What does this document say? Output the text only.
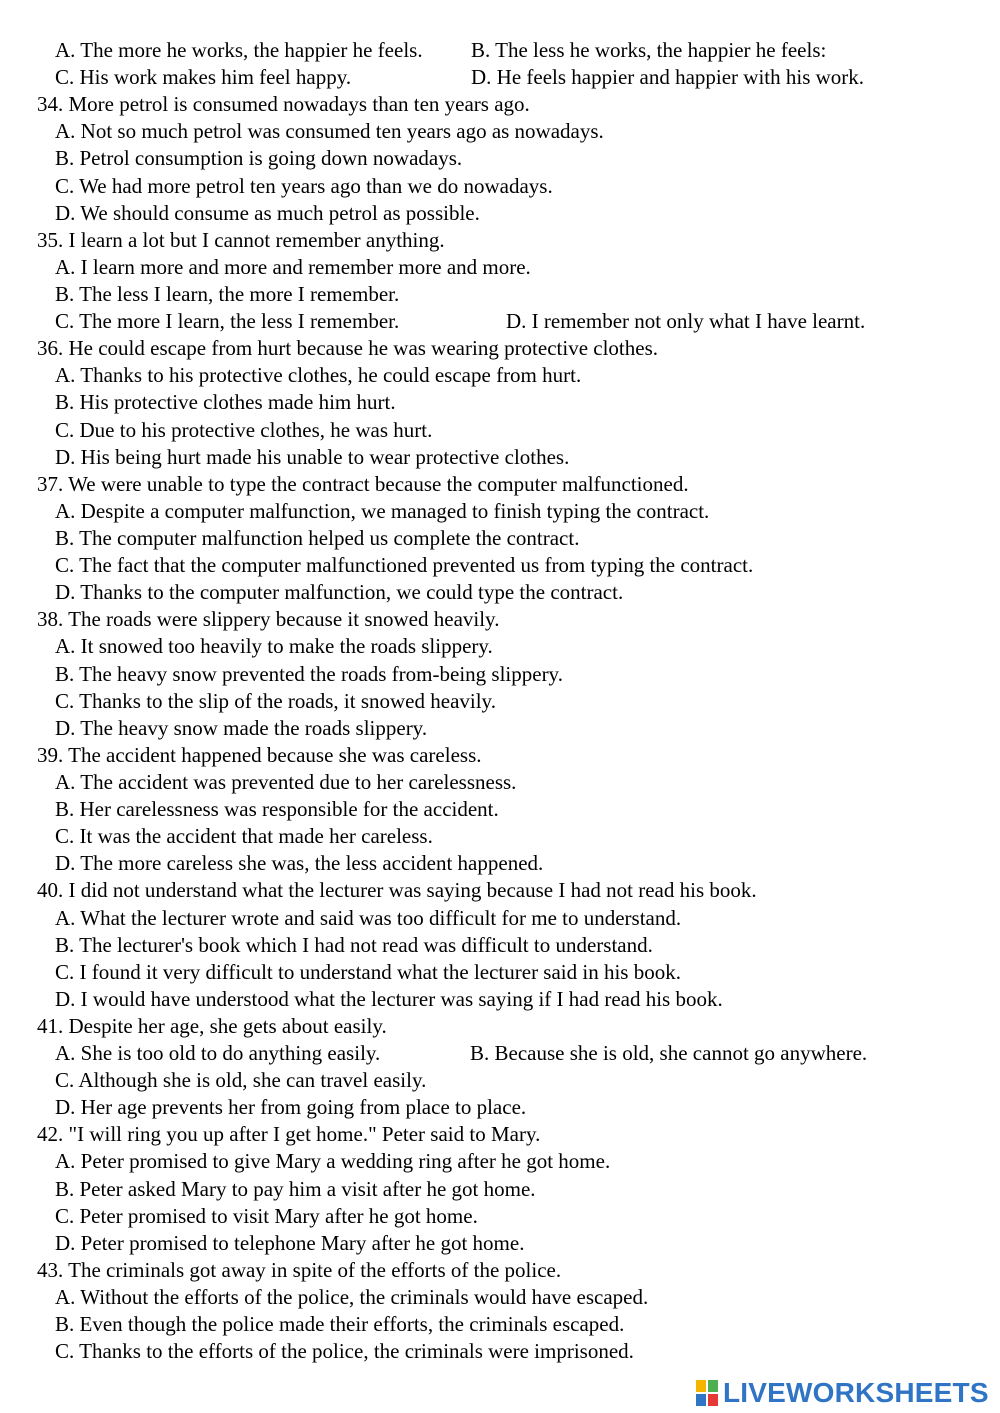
A. The more he works, the happier he feels. B. The less he works, the happier he feels:
C. His work makes him feel happy.	D. He feels happier and happier with his work.
34. More petrol is consumed nowadays than ten years ago.
A. Not so much petrol was consumed ten years ago as nowadays.
B. Petrol consumption is going down nowadays.
C. We had more petrol ten years ago than we do nowadays.
D. We should consume as much petrol as possible.
35. I learn a lot but I cannot remember anything.
A. I learn more and more and remember more and more.
B. The less I learn, the more I remember.
C. The more I learn, the less I remember.	D. I remember not only what I have learnt.
36. He could escape from hurt because he was wearing protective clothes.
A. Thanks to his protective clothes, he could escape from hurt.
B. His protective clothes made him hurt.
C. Due to his protective clothes, he was hurt.
D. His being hurt made his unable to wear protective clothes.
37. We were unable to type the contract because the computer malfunctioned.
A. Despite a computer malfunction, we managed to finish typing the contract.
B. The computer malfunction helped us complete the contract.
C. The fact that the computer malfunctioned prevented us from typing the contract.
D. Thanks to the computer malfunction, we could type the contract.
38. The roads were slippery because it snowed heavily.
A. It snowed too heavily to make the roads slippery.
B. The heavy snow prevented the roads from-being slippery.
C. Thanks to the slip of the roads, it snowed heavily.
D. The heavy snow made the roads slippery.
39. The accident happened because she was careless.
A. The accident was prevented due to her carelessness.
B. Her carelessness was responsible for the accident.
C. It was the accident that made her careless.
D. The more careless she was, the less accident happened.
40. I did not understand what the lecturer was saying because I had not read his book.
A. What the lecturer wrote and said was too difficult for me to understand.
B. The lecturer's book which I had not read was difficult to understand.
C. I found it very difficult to understand what the lecturer said in his book.
D. I would have understood what the lecturer was saying if I had read his book.
41. Despite her age, she gets about easily.
A. She is too old to do anything easily.	B. Because she is old, she cannot go anywhere.
C. Although she is old, she can travel easily.
D. Her age prevents her from going from place to place.
42. "I will ring you up after I get home." Peter said to Mary.
A. Peter promised to give Mary a wedding ring after he got home.
B. Peter asked Mary to pay him a visit after he got home.
C. Peter promised to visit Mary after he got home.
D. Peter promised to telephone Mary after he got home.
43. The criminals got away in spite of the efforts of the police.
A. Without the efforts of the police, the criminals would have escaped.
B. Even though the police made their efforts, the criminals escaped.
C. Thanks to the efforts of the police, the criminals were imprisoned.
LIVEWORKSHEETS
